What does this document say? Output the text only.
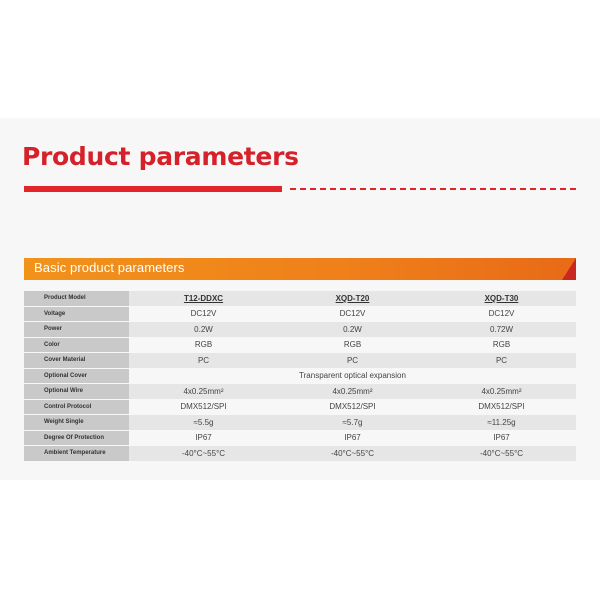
Product parameters
Basic product parameters
Product Model	T12-DDXC	XQD-T20	XQD-T30
Voltage	DC12V	DC12V	DC12V
Power	0.2W	0.2W	0.72W
Color	RGB	RGB	RGB
Cover Material	PC	PC	PC
Optional Cover	Transparent optical expansion
Optional Wire	4x0.25mm²	4x0.25mm²	4x0.25mm²
Control Protocol	DMX512/SPI	DMX512/SPI	DMX512/SPI
Weight Single	≈5.5g	≈5.7g	≈11.25g
Degree Of Protection	IP67	IP67	IP67
Ambient Temperature	-40°C~55°C	-40°C~55°C	-40°C~55°C
